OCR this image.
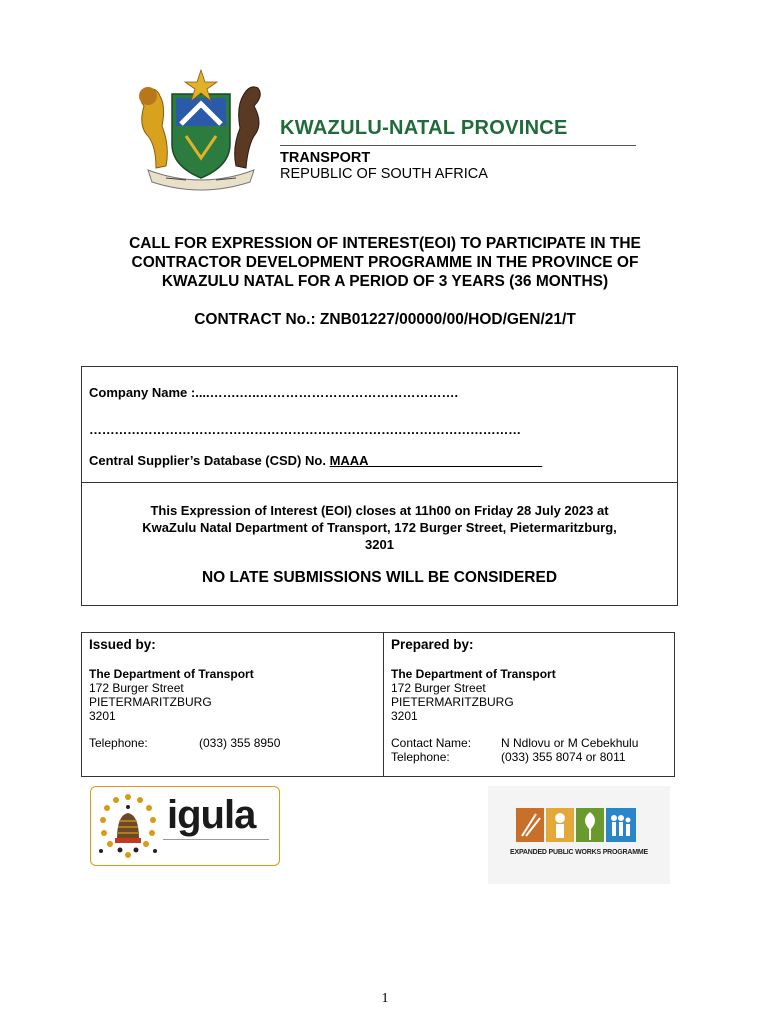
KWAZULU-NATAL PROVINCE
TRANSPORT
REPUBLIC OF SOUTH AFRICA
CALL FOR EXPRESSION OF INTEREST(EOI) TO PARTICIPATE IN THE
CONTRACTOR DEVELOPMENT PROGRAMME IN THE PROVINCE OF
KWAZULU NATAL FOR A PERIOD OF 3 YEARS (36 MONTHS)
CONTRACT No.: ZNB01227/00000/00/HOD/GEN/21/T
Company Name :....…….…..……………………………………….
…………………………………………………………………………………………
Central Supplier’s Database (CSD) No. MAAA________________________
This Expression of Interest (EOI) closes at 11h00 on Friday 28 July 2023 at
KwaZulu Natal Department of Transport, 172 Burger Street, Pietermaritzburg,
3201
NO LATE SUBMISSIONS WILL BE CONSIDERED
Issued by:
The Department of Transport
172 Burger Street
PIETERMARITZBURG
3201
Telephone:	(033) 355 8950
Prepared by:
The Department of Transport
172 Burger Street
PIETERMARITZBURG
3201
Contact Name: N Ndlovu or M Cebekhulu
Telephone:	(033) 355 8074 or 8011
igula
EXPANDED PUBLIC WORKS PROGRAMME
1
